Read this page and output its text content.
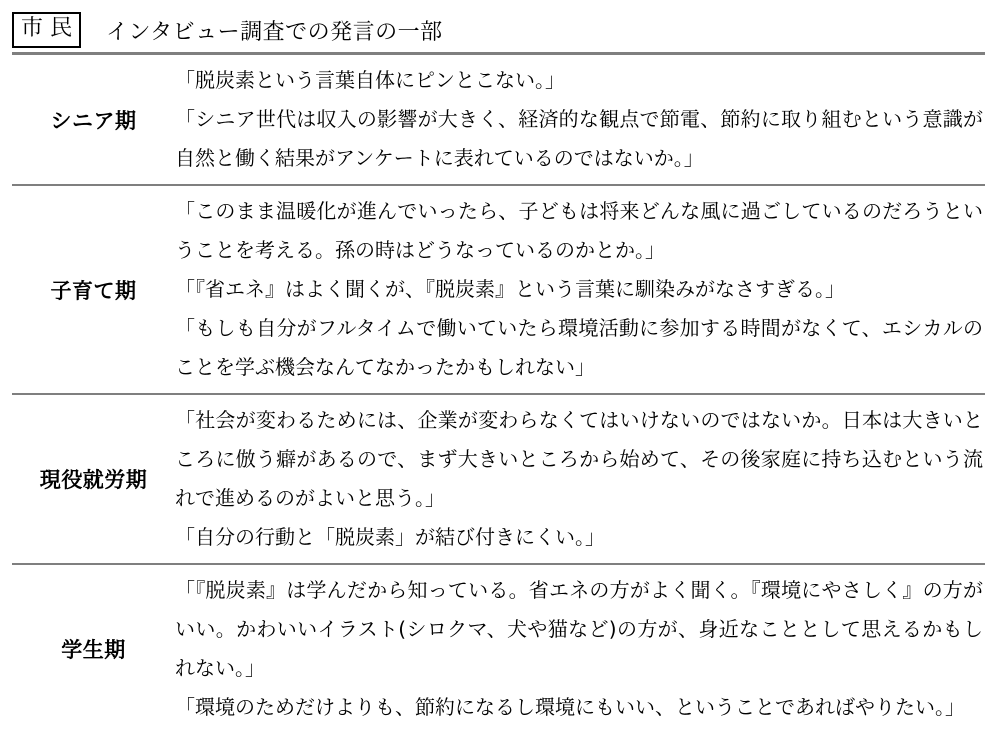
市 民	インタビュー調査での発言の一部
シニア期

「脱炭素という言葉自体にピンとこない。」

「シニア世代は収入の影響が大きく、経済的な観点で節電、節約に取り組むという意識が自然と働く結果がアンケートに表れているのではないか。」

子育て期

「このまま温暖化が進んでいったら、子どもは将来どんな風に過ごしているのだろうということを考える。孫の時はどうなっているのかとか。」

「『省エネ』はよく聞くが、『脱炭素』という言葉に馴染みがなさすぎる。」

「もしも自分がフルタイムで働いていたら環境活動に参加する時間がなくて、エシカルのことを学ぶ機会なんてなかったかもしれない」

現役就労期

「社会が変わるためには、企業が変わらなくてはいけないのではないか。日本は大きいところに倣う癖があるので、まず大きいところから始めて、その後家庭に持ち込むという流れで進めるのがよいと思う。」

「自分の行動と「脱炭素」が結び付きにくい。」

学生期

「『脱炭素』は学んだから知っている。省エネの方がよく聞く。『環境にやさしく』の方がいい。かわいいイラスト(シロクマ、犬や猫など)の方が、身近なこととして思えるかもしれない。」

「環境のためだけよりも、節約になるし環境にもいい、ということであればやりたい。」
